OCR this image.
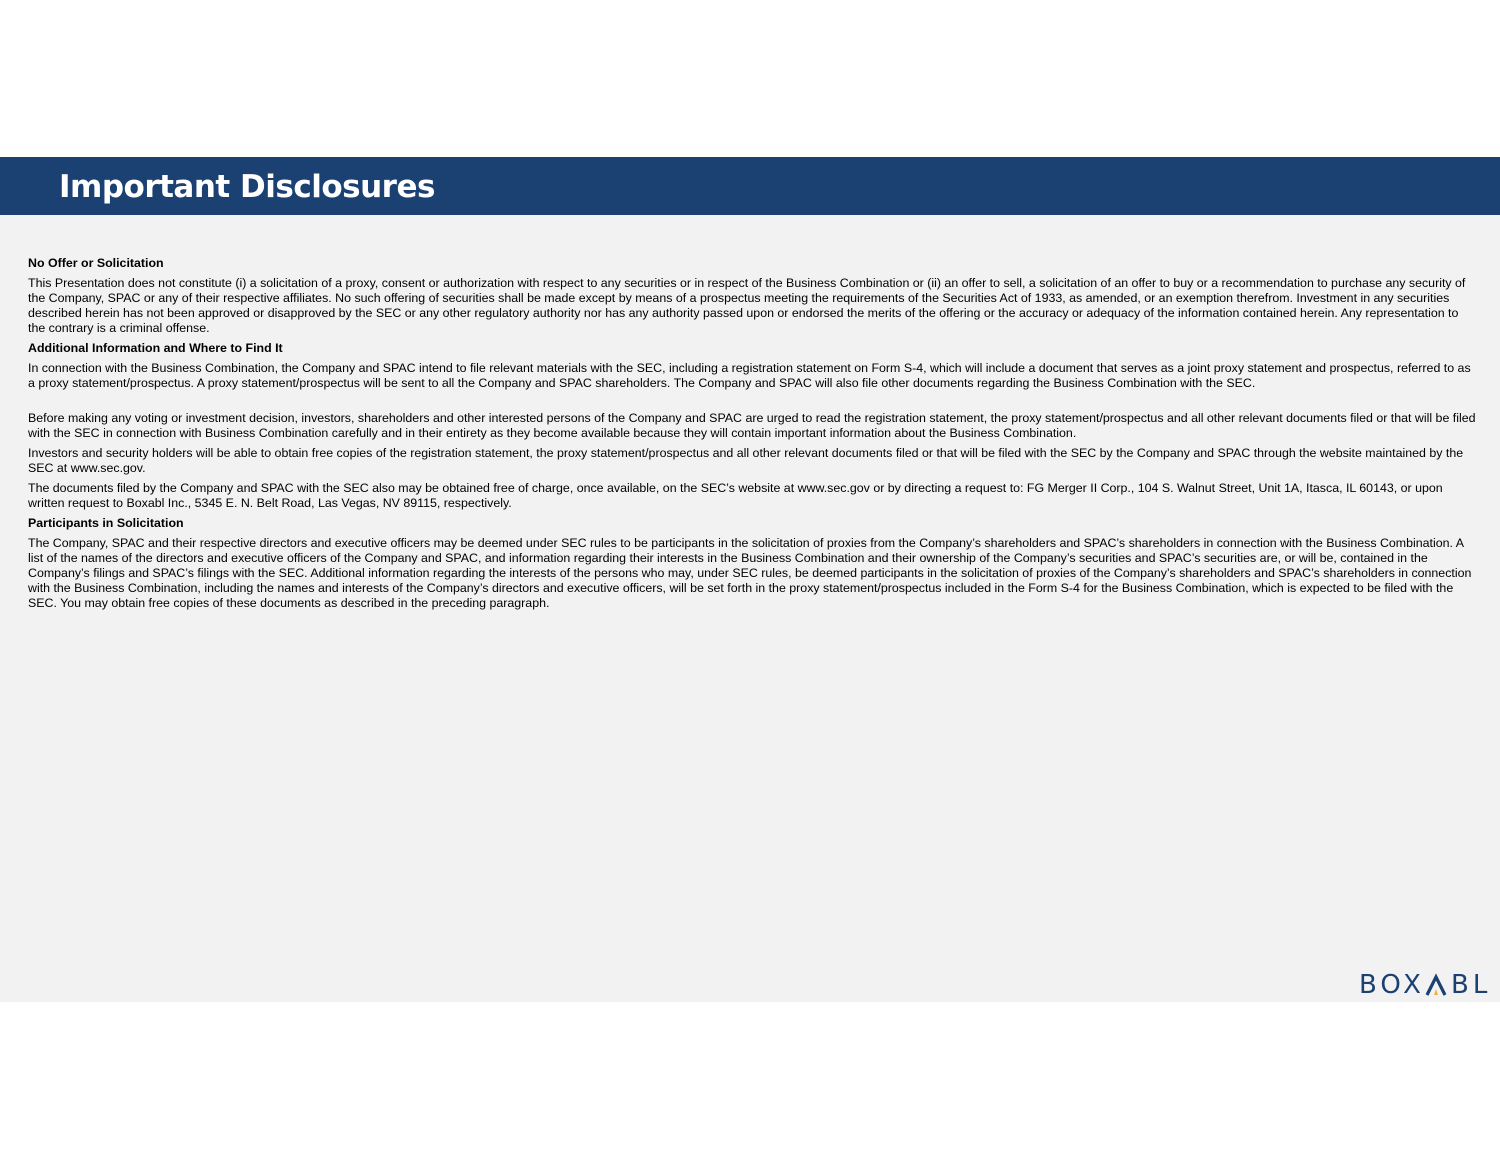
Important Disclosures
No Offer or Solicitation

This Presentation does not constitute (i) a solicitation of a proxy, consent or authorization with respect to any securities or in respect of the Business Combination or (ii) an offer to sell, a solicitation of an offer to buy or a recommendation to purchase any security of the Company, SPAC or any of their respective affiliates. No such offering of securities shall be made except by means of a prospectus meeting the requirements of the Securities Act of 1933, as amended, or an exemption therefrom. Investment in any securities described herein has not been approved or disapproved by the SEC or any other regulatory authority nor has any authority passed upon or endorsed the merits of the offering or the accuracy or adequacy of the information contained herein. Any representation to the contrary is a criminal offense.

Additional Information and Where to Find It

In connection with the Business Combination, the Company and SPAC intend to file relevant materials with the SEC, including a registration statement on Form S-4, which will include a document that serves as a joint proxy statement and prospectus, referred to as a proxy statement/prospectus. A proxy statement/prospectus will be sent to all the Company and SPAC shareholders. The Company and SPAC will also file other documents regarding the Business Combination with the SEC.

Before making any voting or investment decision, investors, shareholders and other interested persons of the Company and SPAC are urged to read the registration statement, the proxy statement/prospectus and all other relevant documents filed or that will be filed with the SEC in connection with Business Combination carefully and in their entirety as they become available because they will contain important information about the Business Combination.

Investors and security holders will be able to obtain free copies of the registration statement, the proxy statement/prospectus and all other relevant documents filed or that will be filed with the SEC by the Company and SPAC through the website maintained by the SEC at www.sec.gov.

The documents filed by the Company and SPAC with the SEC also may be obtained free of charge, once available, on the SEC’s website at www.sec.gov or by directing a request to: FG Merger II Corp., 104 S. Walnut Street, Unit 1A, Itasca, IL 60143, or upon written request to Boxabl Inc., 5345 E. N. Belt Road, Las Vegas, NV 89115, respectively.

Participants in Solicitation

The Company, SPAC and their respective directors and executive officers may be deemed under SEC rules to be participants in the solicitation of proxies from the Company’s shareholders and SPAC’s shareholders in connection with the Business Combination. A list of the names of the directors and executive officers of the Company and SPAC, and information regarding their interests in the Business Combination and their ownership of the Company’s securities and SPAC’s securities are, or will be, contained in the Company’s filings and SPAC’s filings with the SEC. Additional information regarding the interests of the persons who may, under SEC rules, be deemed participants in the solicitation of proxies of the Company’s shareholders and SPAC’s shareholders in connection with the Business Combination, including the names and interests of the Company’s directors and executive officers, will be set forth in the proxy statement/prospectus included in the Form S-4 for the Business Combination, which is expected to be filed with the SEC. You may obtain free copies of these documents as described in the preceding paragraph.

BOX BL
